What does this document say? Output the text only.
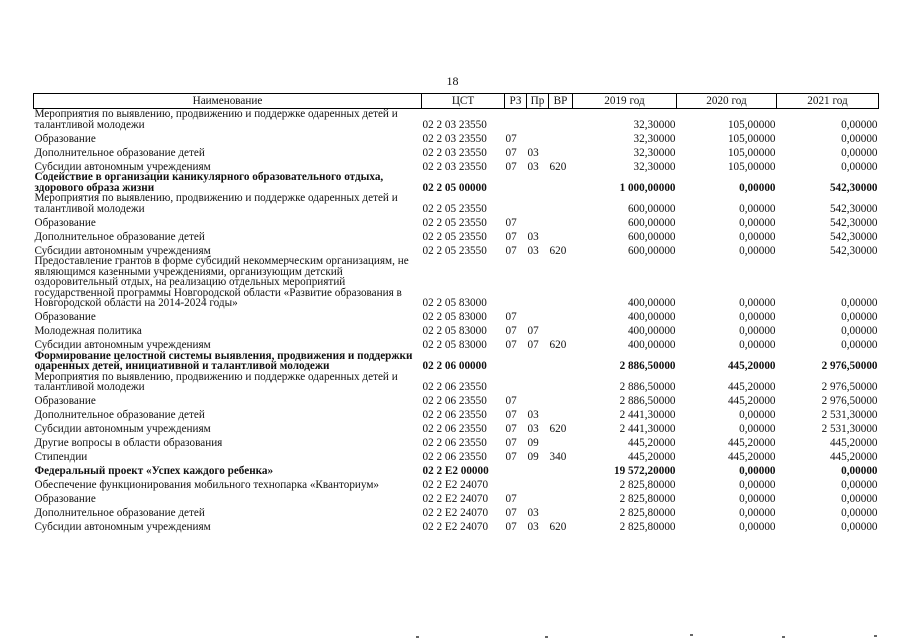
18
Наименование	ЦСТ	РЗ	Пр	ВР	2019 год	2020 год	2021 год
Мероприятия по выявлению, продвижению и поддержке одаренных детей и талантливой молодежи	02 2 03 23550				32,30000	105,00000	0,00000
Образование	02 2 03 23550	07			32,30000	105,00000	0,00000
Дополнительное образование детей	02 2 03 23550	07	03		32,30000	105,00000	0,00000
Субсидии автономным учреждениям	02 2 03 23550	07	03	620	32,30000	105,00000	0,00000
Содействие в организации каникулярного образовательного отдыха, здорового образа жизни	02 2 05 00000				1 000,00000	0,00000	542,30000
Мероприятия по выявлению, продвижению и поддержке одаренных детей и талантливой молодежи	02 2 05 23550				600,00000	0,00000	542,30000
Образование	02 2 05 23550	07			600,00000	0,00000	542,30000
Дополнительное образование детей	02 2 05 23550	07	03		600,00000	0,00000	542,30000
Субсидии автономным учреждениям	02 2 05 23550	07	03	620	600,00000	0,00000	542,30000
Предоставление грантов в форме субсидий некоммерческим организациям, не являющимся казенными учреждениями, организующим детский оздоровительный отдых, на реализацию отдельных мероприятий государственной программы Новгородской области «Развитие образования в Новгородской области на 2014-2024 годы»	02 2 05 83000				400,00000	0,00000	0,00000
Образование	02 2 05 83000	07			400,00000	0,00000	0,00000
Молодежная политика	02 2 05 83000	07	07		400,00000	0,00000	0,00000
Субсидии автономным учреждениям	02 2 05 83000	07	07	620	400,00000	0,00000	0,00000
Формирование целостной системы выявления, продвижения и поддержки одаренных детей, инициативной и талантливой молодежи	02 2 06 00000				2 886,50000	445,20000	2 976,50000
Мероприятия по выявлению, продвижению и поддержке одаренных детей и талантливой молодежи	02 2 06 23550				2 886,50000	445,20000	2 976,50000
Образование	02 2 06 23550	07			2 886,50000	445,20000	2 976,50000
Дополнительное образование детей	02 2 06 23550	07	03		2 441,30000	0,00000	2 531,30000
Субсидии автономным учреждениям	02 2 06 23550	07	03	620	2 441,30000	0,00000	2 531,30000
Другие вопросы в области образования	02 2 06 23550	07	09		445,20000	445,20000	445,20000
Стипендии	02 2 06 23550	07	09	340	445,20000	445,20000	445,20000
Федеральный проект «Успех каждого ребенка»	02 2 E2 00000				19 572,20000	0,00000	0,00000
Обеспечение функционирования мобильного технопарка «Кванториум»	02 2 E2 24070				2 825,80000	0,00000	0,00000
Образование	02 2 E2 24070	07			2 825,80000	0,00000	0,00000
Дополнительное образование детей	02 2 E2 24070	07	03		2 825,80000	0,00000	0,00000
Субсидии автономным учреждениям	02 2 E2 24070	07	03	620	2 825,80000	0,00000	0,00000
